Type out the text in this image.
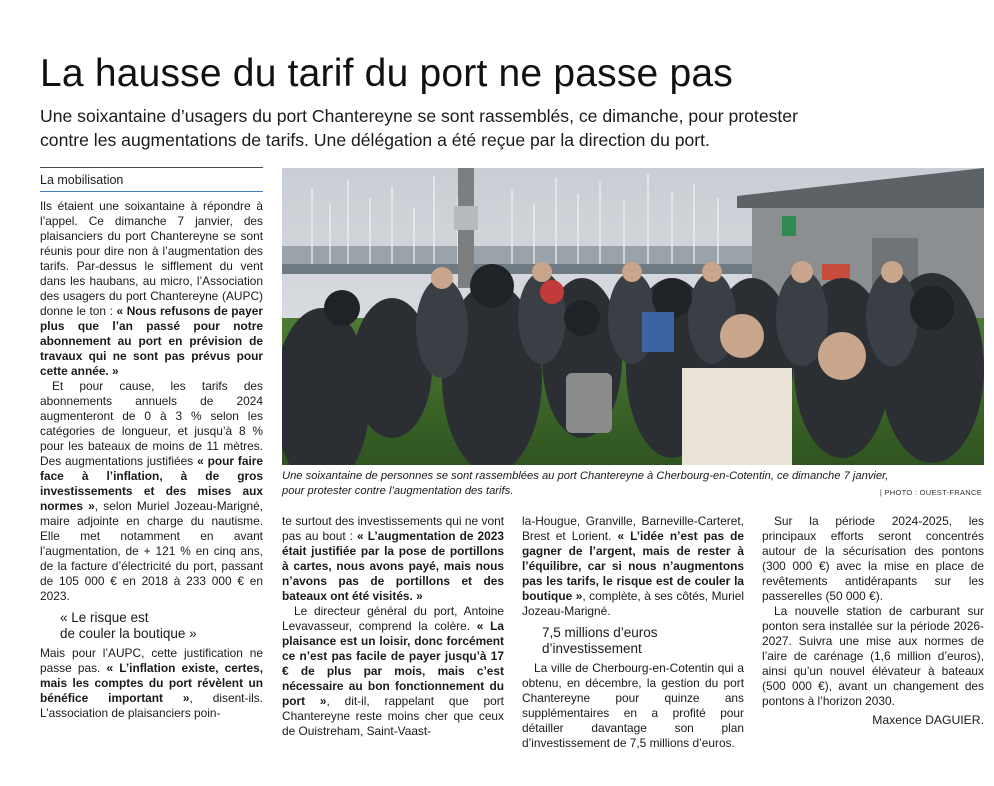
La hausse du tarif du port ne passe pas
Une soixantaine d’usagers du port Chantereyne se sont rassemblés, ce dimanche, pour protester
contre les augmentations de tarifs. Une délégation a été reçue par la direction du port.
La mobilisation

Ils étaient une soixantaine à répondre à l’appel. Ce dimanche 7 janvier, des plaisanciers du port Chantereyne se sont réunis pour dire non à l’augmentation des tarifs. Par-dessus le sifflement du vent dans les haubans, au micro, l’Association des usagers du port Chantereyne (AUPC) donne le ton : « Nous refusons de payer plus que l’an passé pour notre abonnement au port en prévision de travaux qui ne sont pas prévus pour cette année. »

Et pour cause, les tarifs des abonnements annuels de 2024 augmenteront de 0 à 3 % selon les catégories de longueur, et jusqu’à 8 % pour les bateaux de moins de 11 mètres. Des augmentations justifiées « pour faire face à l’inflation, à de gros investissements et des mises aux normes », selon Muriel Jozeau-Marigné, maire adjointe en charge du nautisme. Elle met notamment en avant l’augmentation, de + 121 % en cinq ans, de la facture d’électricité du port, passant de 105 000 € en 2018 à 233 000 € en 2023.

« Le risque est
de couler la boutique »

Mais pour l’AUPC, cette justification ne passe pas. « L’inflation existe, certes, mais les comptes du port révèlent un bénéfice important », disent-ils. L’association de plaisanciers poin-

Une soixantaine de personnes se sont rassemblées au port Chantereyne à Cherbourg-en-Cotentin, ce dimanche 7 janvier,
pour protester contre l’augmentation des tarifs.	| PHOTO : OUEST-FRANCE

te surtout des investissements qui ne vont pas au bout : « L’augmentation de 2023 était justifiée par la pose de portillons à cartes, nous avons payé, mais nous n’avons pas de portillons et des bateaux ont été visités. »

Le directeur général du port, Antoine Levavasseur, comprend la colère. « La plaisance est un loisir, donc forcément ce n’est pas facile de payer jusqu’à 17 € de plus par mois, mais c’est nécessaire au bon fonctionnement du port », dit-il, rappelant que port Chantereyne reste moins cher que ceux de Ouistreham, Saint-Vaast-

la-Hougue, Granville, Barneville-Carteret, Brest et Lorient. « L’idée n’est pas de gagner de l’argent, mais de rester à l’équilibre, car si nous n’augmentons pas les tarifs, le risque est de couler la boutique », complète, à ses côtés, Muriel Jozeau-Marigné.

7,5 millions d’euros
d’investissement

La ville de Cherbourg-en-Cotentin qui a obtenu, en décembre, la gestion du port Chantereyne pour quinze ans supplémentaires en a profité pour détailler davantage son plan d’investissement de 7,5 millions d’euros.

Sur la période 2024-2025, les principaux efforts seront concentrés autour de la sécurisation des pontons (300 000 €) avec la mise en place de revêtements antidérapants sur les passerelles (50 000 €).

La nouvelle station de carburant sur ponton sera installée sur la période 2026-2027. Suivra une mise aux normes de l’aire de carénage (1,6 million d’euros), ainsi qu’un nouvel élévateur à bateaux (500 000 €), avant un changement des pontons à l’horizon 2030.

Maxence DAGUIER.
